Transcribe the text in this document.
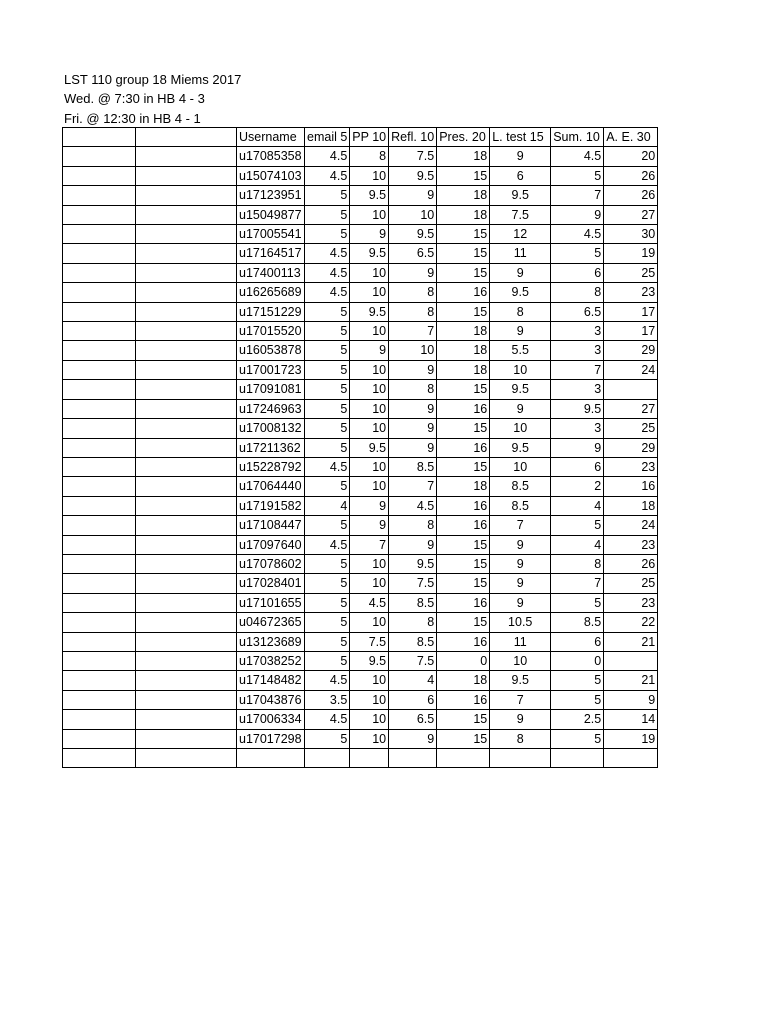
LST 110 group 18 Miems 2017
Wed. @ 7:30 in HB 4 - 3
Fri. @ 12:30 in HB 4 - 1
		Username	email 5	PP 10	Refl. 10	Pres. 20	L. test 15	Sum. 10	A. E. 30
		u17085358	4.5	8	7.5	18	9	4.5	20
		u15074103	4.5	10	9.5	15	6	5	26
		u17123951	5	9.5	9	18	9.5	7	26
		u15049877	5	10	10	18	7.5	9	27
		u17005541	5	9	9.5	15	12	4.5	30
		u17164517	4.5	9.5	6.5	15	11	5	19
		u17400113	4.5	10	9	15	9	6	25
		u16265689	4.5	10	8	16	9.5	8	23
		u17151229	5	9.5	8	15	8	6.5	17
		u17015520	5	10	7	18	9	3	17
		u16053878	5	9	10	18	5.5	3	29
		u17001723	5	10	9	18	10	7	24
		u17091081	5	10	8	15	9.5	3	
		u17246963	5	10	9	16	9	9.5	27
		u17008132	5	10	9	15	10	3	25
		u17211362	5	9.5	9	16	9.5	9	29
		u15228792	4.5	10	8.5	15	10	6	23
		u17064440	5	10	7	18	8.5	2	16
		u17191582	4	9	4.5	16	8.5	4	18
		u17108447	5	9	8	16	7	5	24
		u17097640	4.5	7	9	15	9	4	23
		u17078602	5	10	9.5	15	9	8	26
		u17028401	5	10	7.5	15	9	7	25
		u17101655	5	4.5	8.5	16	9	5	23
		u04672365	5	10	8	15	10.5	8.5	22
		u13123689	5	7.5	8.5	16	11	6	21
		u17038252	5	9.5	7.5	0	10	0	
		u17148482	4.5	10	4	18	9.5	5	21
		u17043876	3.5	10	6	16	7	5	9
		u17006334	4.5	10	6.5	15	9	2.5	14
		u17017298	5	10	9	15	8	5	19
